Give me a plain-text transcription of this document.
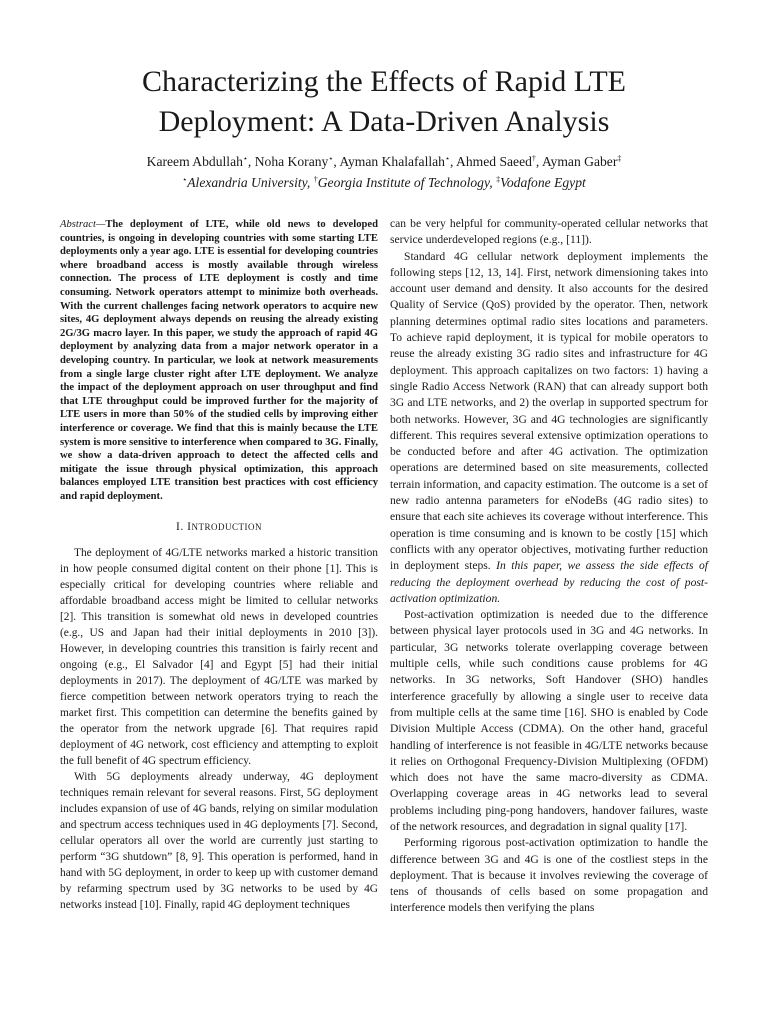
Characterizing the Effects of Rapid LTE
Deployment: A Data-Driven Analysis
Kareem Abdullah⋆, Noha Korany⋆, Ayman Khalafallah⋆, Ahmed Saeed†, Ayman Gaber‡
⋆Alexandria University, †Georgia Institute of Technology, ‡Vodafone Egypt

Abstract—The deployment of LTE, while old news to developed countries, is ongoing in developing countries with some starting LTE deployments only a year ago. LTE is essential for developing countries where broadband access is mostly available through wireless connection. The process of LTE deployment is costly and time consuming. Network operators attempt to minimize both overheads. With the current challenges facing network operators to acquire new sites, 4G deployment always depends on reusing the already existing 2G/3G macro layer. In this paper, we study the approach of rapid 4G deployment by analyzing data from a major network operator in a developing country. In particular, we look at network measurements from a single large cluster right after LTE deployment. We analyze the impact of the deployment approach on user throughput and find that LTE throughput could be improved further for the majority of LTE users in more than 50% of the studied cells by improving either interference or coverage. We find that this is mainly because the LTE system is more sensitive to interference when compared to 3G. Finally, we show a data-driven approach to detect the affected cells and mitigate the issue through physical optimization, this approach balances employed LTE transition best practices with cost efficiency and rapid deployment.

I. INTRODUCTION

The deployment of 4G/LTE networks marked a historic transition in how people consumed digital content on their phone [1]. This is especially critical for developing countries where reliable and affordable broadband access might be limited to cellular networks [2]. This transition is somewhat old news in developed countries (e.g., US and Japan had their initial deployments in 2010 [3]). However, in developing countries this transition is fairly recent and ongoing (e.g., El Salvador [4] and Egypt [5] had their initial deployments in 2017). The deployment of 4G/LTE was marked by fierce competition between network operators trying to reach the market first. This competition can determine the benefits gained by the operator from the network upgrade [6]. That requires rapid deployment of 4G network, cost efficiency and attempting to exploit the full benefit of 4G spectrum efficiency.

With 5G deployments already underway, 4G deployment techniques remain relevant for several reasons. First, 5G deployment includes expansion of use of 4G bands, relying on similar modulation and spectrum access techniques used in 4G deployments [7]. Second, cellular operators all over the world are currently just starting to perform “3G shutdown” [8, 9]. This operation is performed, hand in hand with 5G deployment, in order to keep up with customer demand by refarming spectrum used by 3G networks to be used by 4G networks instead [10]. Finally, rapid 4G deployment techniques

can be very helpful for community-operated cellular networks that service underdeveloped regions (e.g., [11]).

Standard 4G cellular network deployment implements the following steps [12, 13, 14]. First, network dimensioning takes into account user demand and density. It also accounts for the desired Quality of Service (QoS) provided by the operator. Then, network planning determines optimal radio sites locations and parameters. To achieve rapid deployment, it is typical for mobile operators to reuse the already existing 3G radio sites and infrastructure for 4G deployment. This approach capitalizes on two factors: 1) having a single Radio Access Network (RAN) that can already support both 3G and LTE networks, and 2) the overlap in supported spectrum for both networks. However, 3G and 4G technologies are significantly different. This requires several extensive optimization operations to be conducted before and after 4G activation. The optimization operations are determined based on site measurements, collected terrain information, and capacity estimation. The outcome is a set of new radio antenna parameters for eNodeBs (4G radio sites) to ensure that each site achieves its coverage without interference. This operation is time consuming and is known to be costly [15] which conflicts with any operator objectives, motivating further reduction in deployment steps. In this paper, we assess the side effects of reducing the deployment overhead by reducing the cost of post-activation optimization.

Post-activation optimization is needed due to the difference between physical layer protocols used in 3G and 4G networks. In particular, 3G networks tolerate overlapping coverage between multiple cells, while such conditions cause problems for 4G networks. In 3G networks, Soft Handover (SHO) handles interference gracefully by allowing a single user to receive data from multiple cells at the same time [16]. SHO is enabled by Code Division Multiple Access (CDMA). On the other hand, graceful handling of interference is not feasible in 4G/LTE networks because it relies on Orthogonal Frequency-Division Multiplexing (OFDM) which does not have the same macro-diversity as CDMA. Overlapping coverage areas in 4G networks lead to several problems including ping-pong handovers, handover failures, waste of the network resources, and degradation in signal quality [17].

Performing rigorous post-activation optimization to handle the difference between 3G and 4G is one of the costliest steps in the deployment. That is because it involves reviewing the coverage of tens of thousands of cells based on some propagation and interference models then verifying the plans
